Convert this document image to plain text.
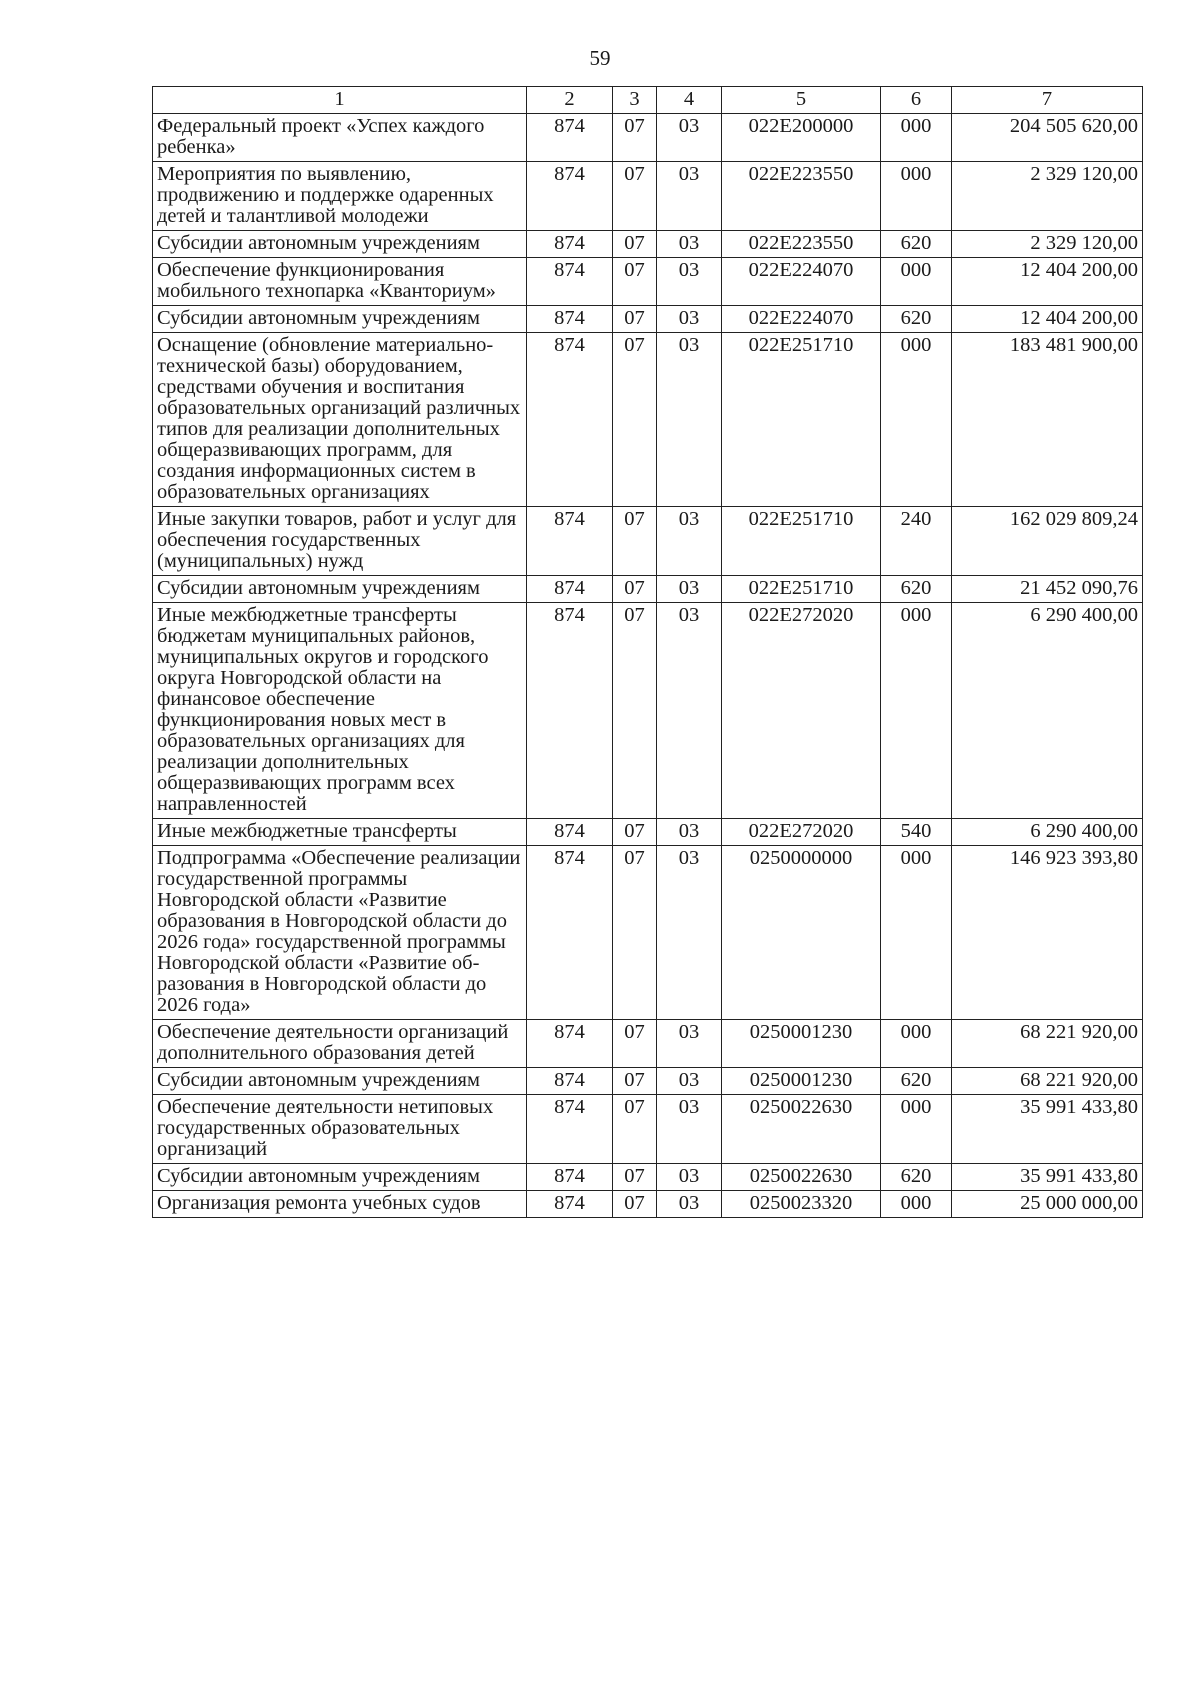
59
1	2	3	4	5	6	7
Федеральный проект «Успех каждого ребенка»	874	07	03	022E200000	000	204 505 620,00
Мероприятия по выявлению, продвижению и поддержке одаренных детей и талантливой молодежи	874	07	03	022E223550	000	2 329 120,00
Субсидии автономным учреждениям	874	07	03	022E223550	620	2 329 120,00
Обеспечение функционирования мобильного технопарка «Кванториум»	874	07	03	022E224070	000	12 404 200,00
Субсидии автономным учреждениям	874	07	03	022E224070	620	12 404 200,00
Оснащение (обновление материально-технической базы) оборудованием, средствами обучения и воспитания образовательных организаций различных типов для реализации дополнительных общеразвивающих программ, для создания информационных систем в образовательных организациях	874	07	03	022E251710	000	183 481 900,00
Иные закупки товаров, работ и услуг для обеспечения государственных (муниципальных) нужд	874	07	03	022E251710	240	162 029 809,24
Субсидии автономным учреждениям	874	07	03	022E251710	620	21 452 090,76
Иные межбюджетные трансферты бюджетам муниципальных районов, муниципальных округов и городского округа Новгородской области на финансовое обеспечение функционирования новых мест в образовательных организациях для реализации дополнительных общеразвивающих программ всех направленностей	874	07	03	022E272020	000	6 290 400,00
Иные межбюджетные трансферты	874	07	03	022E272020	540	6 290 400,00
Подпрограмма «Обеспечение реализации государственной программы Новгородской области «Развитие образования в Новгородской области до 2026 года» государственной программы Новгородской области «Развитие образования в Новгородской области до 2026 года»	874	07	03	0250000000	000	146 923 393,80
Обеспечение деятельности организаций дополнительного образования детей	874	07	03	0250001230	000	68 221 920,00
Субсидии автономным учреждениям	874	07	03	0250001230	620	68 221 920,00
Обеспечение деятельности нетиповых государственных образовательных организаций	874	07	03	0250022630	000	35 991 433,80
Субсидии автономным учреждениям	874	07	03	0250022630	620	35 991 433,80
Организация ремонта учебных судов	874	07	03	0250023320	000	25 000 000,00
